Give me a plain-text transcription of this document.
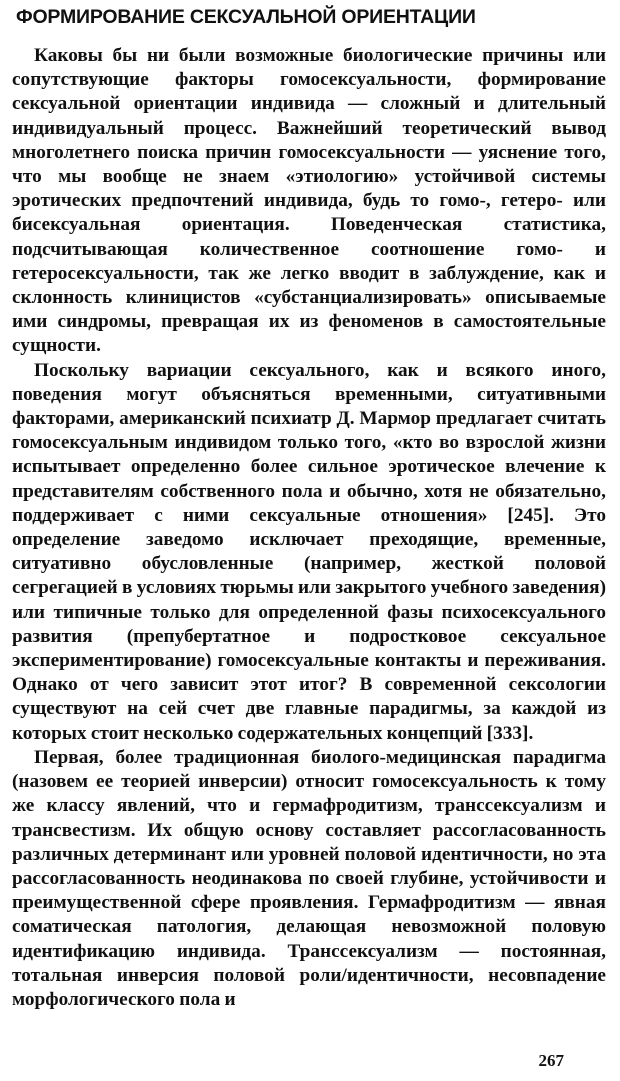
ФОРМИРОВАНИЕ СЕКСУАЛЬНОЙ ОРИЕНТАЦИИ

Каковы бы ни были возможные биологические причины или сопутствующие факторы гомосексуальности, формирование сексуальной ориентации индивида — сложный и длительный индивидуальный процесс. Важнейший теоретический вывод многолетнего поиска причин гомосексуальности — уяснение того, что мы вообще не знаем «этиологию» устойчивой системы эротических предпочтений индивида, будь то гомо-, гетеро- или бисексуальная ориентация. Поведенческая статистика, подсчитывающая количественное соотношение гомо- и гетеросексуальности, так же легко вводит в заблуждение, как и склонность клиницистов «субстанциализировать» описываемые ими синдромы, превращая их из феноменов в самостоятельные сущности.

Поскольку вариации сексуального, как и всякого иного, поведения могут объясняться временными, ситуативными факторами, американский психиатр Д. Мармор предлагает считать гомосексуальным индивидом только того, «кто во взрослой жизни испытывает определенно более сильное эротическое влечение к представителям собственного пола и обычно, хотя не обязательно, поддерживает с ними сексуальные отношения» [245]. Это определение заведомо исключает преходящие, временные, ситуативно обусловленные (например, жесткой половой сегрегацией в условиях тюрьмы или закрытого учебного заведения) или типичные только для определенной фазы психосексуального развития (препубертатное и подростковое сексуальное экспериментирование) гомосексуальные контакты и переживания. Однако от чего зависит этот итог? В современной сексологии существуют на сей счет две главные парадигмы, за каждой из которых стоит несколько содержательных концепций [333].

Первая, более традиционная биолого-медицинская парадигма (назовем ее теорией инверсии) относит гомосексуальность к тому же классу явлений, что и гермафродитизм, транссексуализм и трансвестизм. Их общую основу составляет рассогласованность различных детерминант или уровней половой идентичности, но эта рассогласованность неодинакова по своей глубине, устойчивости и преимущественной сфере проявления. Гермафродитизм — явная соматическая патология, делающая невозможной половую идентификацию индивида. Транссексуализм — постоянная, тотальная инверсия половой роли/идентичности, несовпадение морфологического пола и

267
